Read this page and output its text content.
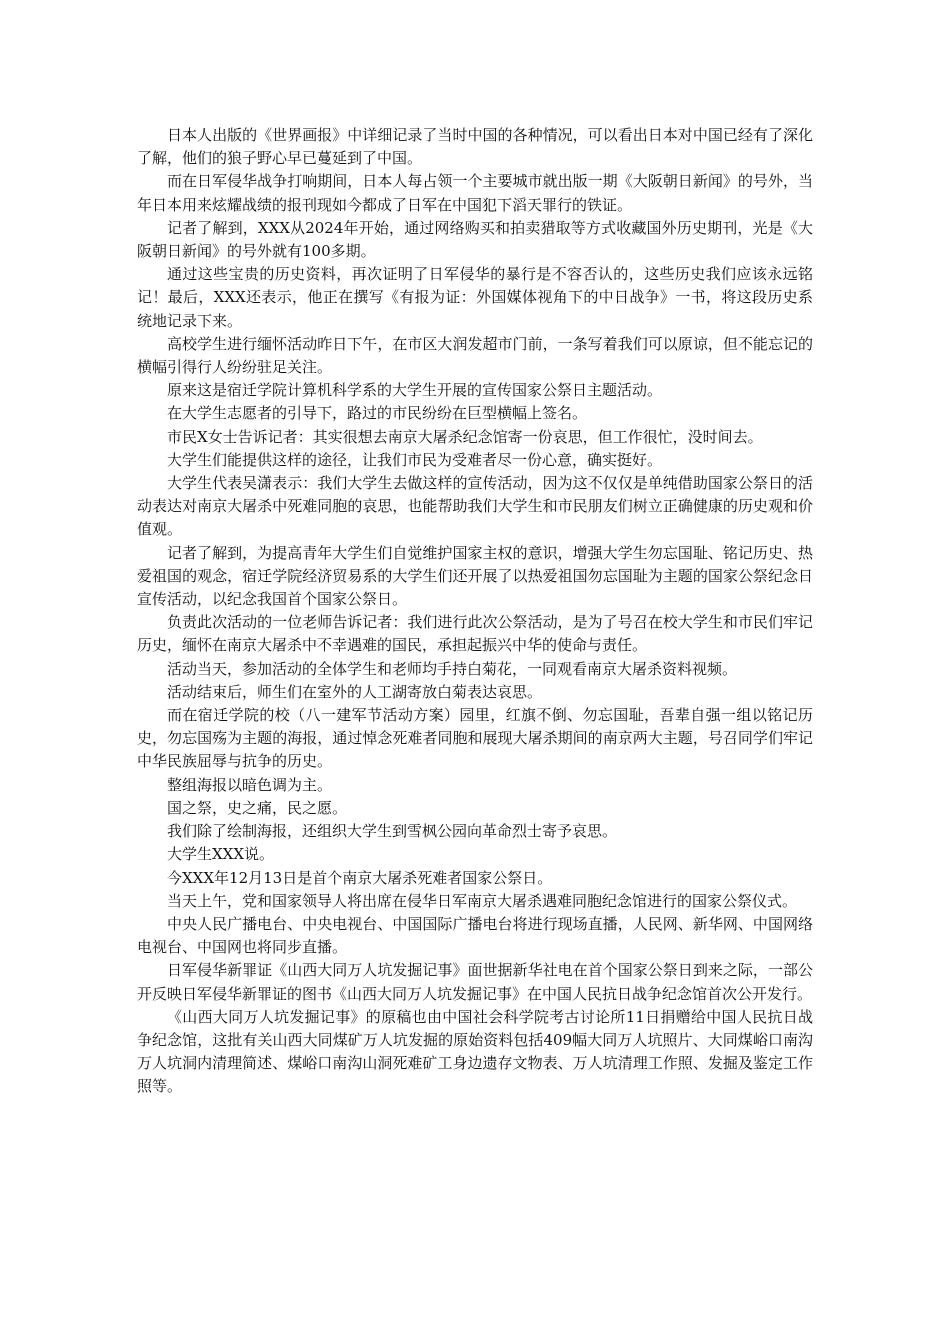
日本人出版的《世界画报》中详细记录了当时中国的各种情况，可以看出日本对中国已经有了深化了解，他们的狼子野心早已蔓延到了中国。

而在日军侵华战争打响期间，日本人每占领一个主要城市就出版一期《大阪朝日新闻》的号外，当年日本用来炫耀战绩的报刊现如今都成了日军在中国犯下滔天罪行的铁证。

记者了解到，XXX从2024年开始，通过网络购买和拍卖猎取等方式收藏国外历史期刊，光是《大阪朝日新闻》的号外就有100多期。

通过这些宝贵的历史资料，再次证明了日军侵华的暴行是不容否认的，这些历史我们应该永远铭记！最后，XXX还表示，他正在撰写《有报为证：外国媒体视角下的中日战争》一书，将这段历史系统地记录下来。

高校学生进行缅怀活动昨日下午，在市区大润发超市门前，一条写着我们可以原谅，但不能忘记的横幅引得行人纷纷驻足关注。

原来这是宿迁学院计算机科学系的大学生开展的宣传国家公祭日主题活动。

在大学生志愿者的引导下，路过的市民纷纷在巨型横幅上签名。

市民X女士告诉记者：其实很想去南京大屠杀纪念馆寄一份哀思，但工作很忙，没时间去。

大学生们能提供这样的途径，让我们市民为受难者尽一份心意，确实挺好。

大学生代表吴潇表示：我们大学生去做这样的宣传活动，因为这不仅仅是单纯借助国家公祭日的活动表达对南京大屠杀中死难同胞的哀思，也能帮助我们大学生和市民朋友们树立正确健康的历史观和价值观。

记者了解到，为提高青年大学生们自觉维护国家主权的意识，增强大学生勿忘国耻、铭记历史、热爱祖国的观念，宿迁学院经济贸易系的大学生们还开展了以热爱祖国勿忘国耻为主题的国家公祭纪念日宣传活动，以纪念我国首个国家公祭日。

负责此次活动的一位老师告诉记者：我们进行此次公祭活动，是为了号召在校大学生和市民们牢记历史，缅怀在南京大屠杀中不幸遇难的国民，承担起振兴中华的使命与责任。

活动当天，参加活动的全体学生和老师均手持白菊花，一同观看南京大屠杀资料视频。

活动结束后，师生们在室外的人工湖寄放白菊表达哀思。

而在宿迁学院的校（八一建军节活动方案）园里，红旗不倒、勿忘国耻，吾辈自强一组以铭记历史，勿忘国殇为主题的海报，通过悼念死难者同胞和展现大屠杀期间的南京两大主题，号召同学们牢记中华民族屈辱与抗争的历史。

整组海报以暗色调为主。

国之祭，史之痛，民之愿。

我们除了绘制海报，还组织大学生到雪枫公园向革命烈士寄予哀思。

大学生XXX说。

今XXX年12月13日是首个南京大屠杀死难者国家公祭日。

当天上午，党和国家领导人将出席在侵华日军南京大屠杀遇难同胞纪念馆进行的国家公祭仪式。

中央人民广播电台、中央电视台、中国国际广播电台将进行现场直播，人民网、新华网、中国网络电视台、中国网也将同步直播。

日军侵华新罪证《山西大同万人坑发掘记事》面世据新华社电在首个国家公祭日到来之际，一部公开反映日军侵华新罪证的图书《山西大同万人坑发掘记事》在中国人民抗日战争纪念馆首次公开发行。

《山西大同万人坑发掘记事》的原稿也由中国社会科学院考古讨论所11日捐赠给中国人民抗日战争纪念馆，这批有关山西大同煤矿万人坑发掘的原始资料包括409幅大同万人坑照片、大同煤峪口南沟万人坑洞内清理简述、煤峪口南沟山洞死难矿工身边遗存文物表、万人坑清理工作照、发掘及鉴定工作照等。
